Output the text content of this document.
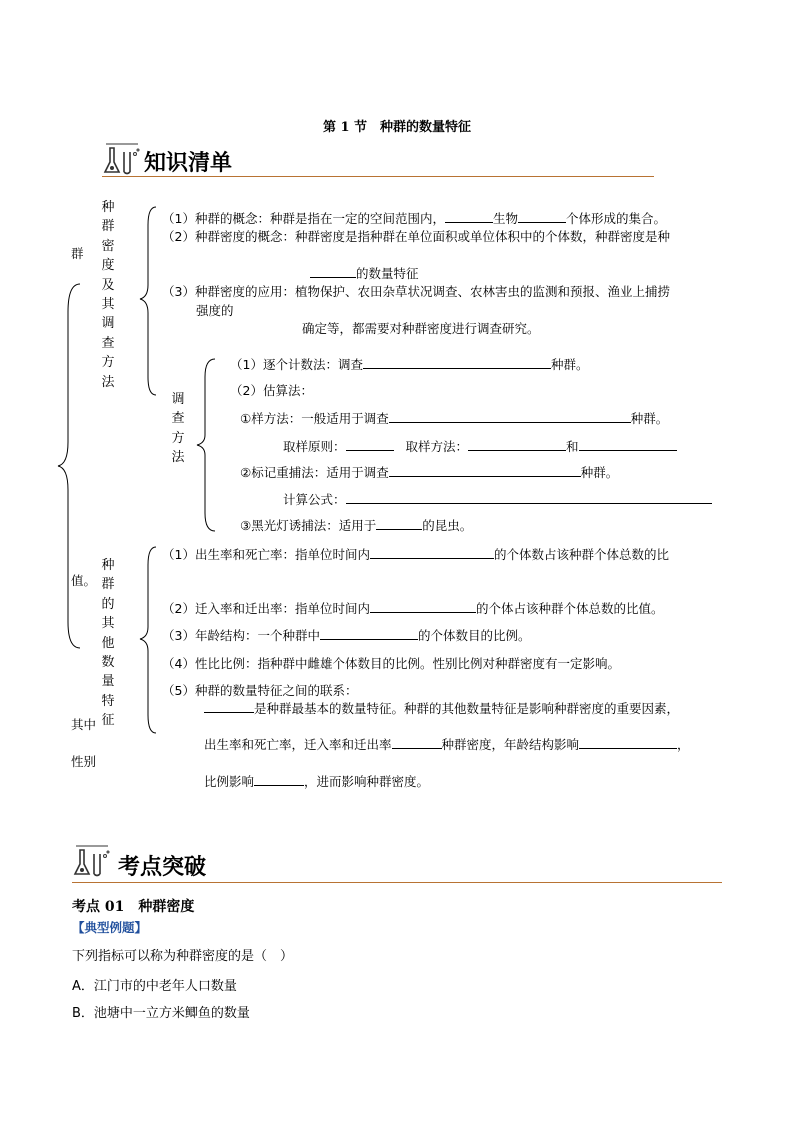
第 1 节　种群的数量特征
知识清单
群
值。
其中
性别
种
群
密
度
及
其
调
查
方
法
（1）种群的概念：种群是指在一定的空间范围内，	生物	个体形成的集合。
（2）种群密度的概念：种群密度是指种群在单位面积或单位体积中的个体数，种群密度是种
的数量特征
（3）种群密度的应用：植物保护、农田杂草状况调查、农林害虫的监测和预报、渔业上捕捞
强度的
确定等，都需要对种群密度进行调查研究。
调
查
方
法
（1）逐个计数法：调查	种群。
（2）估算法：
①样方法：一般适用于调查	种群。
取样原则：	取样方法：	和
②标记重捕法：适用于调查	种群。
计算公式：
③黑光灯诱捕法：适用于	的昆虫。
种
群
的
其
他
数
量
特
征
（1）出生率和死亡率：指单位时间内	的个体数占该种群个体总数的比
（2）迁入率和迁出率：指单位时间内	的个体占该种群个体总数的比值。
（3）年龄结构：一个种群中	的个体数目的比例。
（4）性比比例：指种群中雌雄个体数目的比例。性别比例对种群密度有一定影响。
（5）种群的数量特征之间的联系：
是种群最基本的数量特征。种群的其他数量特征是影响种群密度的重要因素，
出生率和死亡率，迁入率和迁出率	种群密度，年龄结构影响	，
比例影响	，进而影响种群密度。
考点突破
考点 01　种群密度
【典型例题】
下列指标可以称为种群密度的是（　）
A．江门市的中老年人口数量
B．池塘中一立方米鲫鱼的数量
